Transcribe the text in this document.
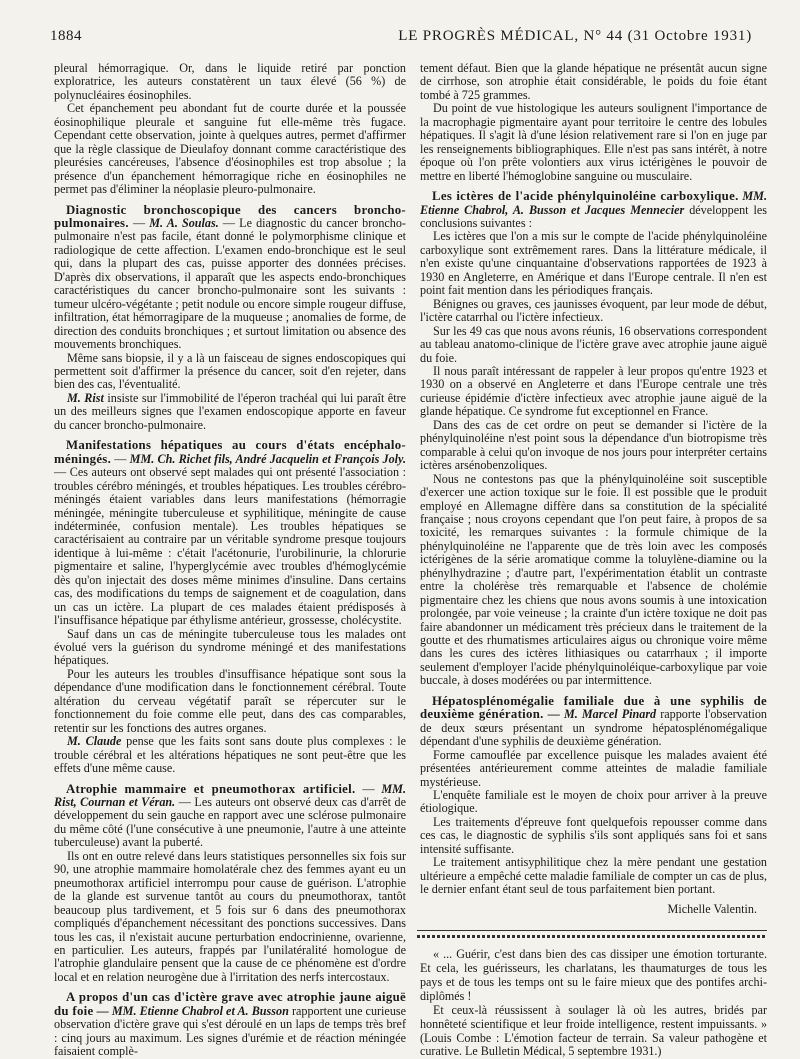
1884	LE PROGRÈS MÉDICAL, N° 44 (31 Octobre 1931)

pleural hémorragique. Or, dans le liquide retiré par ponction exploratrice, les auteurs constatèrent un taux élevé (56 %) de polynucléaires éosinophiles.

Cet épanchement peu abondant fut de courte durée et la poussée éosinophilique pleurale et sanguine fut elle-même très fugace. Cependant cette observation, jointe à quelques autres, permet d'affirmer que la règle classique de Dieulafoy donnant comme caractéristique des pleurésies cancéreuses, l'absence d'éosinophiles est trop absolue ; la présence d'un épanchement hémorragique riche en éosinophiles ne permet pas d'éliminer la néoplasie pleuro-pulmonaire.

Diagnostic bronchoscopique des cancers broncho-pulmonaires. — M. A. Soulas. — Le diagnostic du cancer broncho-pulmonaire n'est pas facile, étant donné le polymorphisme clinique et radiologique de cette affection. L'examen endo-bronchique est le seul qui, dans la plupart des cas, puisse apporter des données précises. D'après dix observations, il apparaît que les aspects endo-bronchiques caractéristiques du cancer broncho-pulmonaire sont les suivants : tumeur ulcéro-végétante ; petit nodule ou encore simple rougeur diffuse, infiltration, état hémorragipare de la muqueuse ; anomalies de forme, de direction des conduits bronchiques ; et surtout limitation ou absence des mouvements bronchiques.

Même sans biopsie, il y a là un faisceau de signes endoscopiques qui permettent soit d'affirmer la présence du cancer, soit d'en rejeter, dans bien des cas, l'éventualité.

M. Rist insiste sur l'immobilité de l'éperon trachéal qui lui paraît être un des meilleurs signes que l'examen endoscopique apporte en faveur du cancer broncho-pulmonaire.

Manifestations hépatiques au cours d'états encéphalo-méningés. — MM. Ch. Richet fils, André Jacquelin et François Joly. — Ces auteurs ont observé sept malades qui ont présenté l'association : troubles cérébro méningés, et troubles hépatiques. Les troubles cérébro-méningés étaient variables dans leurs manifestations (hémorragie méningée, méningite tuberculeuse et syphilitique, méningite de cause indéterminée, confusion mentale). Les troubles hépatiques se caractérisaient au contraire par un véritable syndrome presque toujours identique à lui-même : c'était l'acétonurie, l'urobilinurie, la chlorurie pigmentaire et saline, l'hyperglycémie avec troubles d'hémoglycémie dès qu'on injectait des doses même minimes d'insuline. Dans certains cas, des modifications du temps de saignement et de coagulation, dans un cas un ictère. La plupart de ces malades étaient prédisposés à l'insuffisance hépatique par éthylisme antérieur, grossesse, cholécystite.

Sauf dans un cas de méningite tuberculeuse tous les malades ont évolué vers la guérison du syndrome méningé et des manifestations hépatiques.

Pour les auteurs les troubles d'insuffisance hépatique sont sous la dépendance d'une modification dans le fonctionnement cérébral. Toute altération du cerveau végétatif paraît se répercuter sur le fonctionnement du foie comme elle peut, dans des cas comparables, retentir sur les fonctions des autres organes.

M. Claude pense que les faits sont sans doute plus complexes : le trouble cérébral et les altérations hépatiques ne sont peut-être que les effets d'une même cause.

Atrophie mammaire et pneumothorax artificiel. — MM. Rist, Cournan et Véran. — Les auteurs ont observé deux cas d'arrêt de développement du sein gauche en rapport avec une sclérose pulmonaire du même côté (l'une consécutive à une pneumonie, l'autre à une atteinte tuberculeuse) avant la puberté.

Ils ont en outre relevé dans leurs statistiques personnelles six fois sur 90, une atrophie mammaire homolatérale chez des femmes ayant eu un pneumothorax artificiel interrompu pour cause de guérison. L'atrophie de la glande est survenue tantôt au cours du pneumothorax, tantôt beaucoup plus tardivement, et 5 fois sur 6 dans des pneumothorax compliqués d'épanchement nécessitant des ponctions successives. Dans tous les cas, il n'existait aucune perturbation endocrinienne, ovarienne, en particulier. Les auteurs, frappés par l'unilatéralité homologue de l'atrophie glandulaire pensent que la cause de ce phénomène est d'ordre local et en relation neurogène due à l'irritation des nerfs intercostaux.

A propos d'un cas d'ictère grave avec atrophie jaune aiguë du foie — MM. Etienne Chabrol et A. Busson rapportent une curieuse observation d'ictère grave qui s'est déroulé en un laps de temps très bref : cinq jours au maximum. Les signes d'urémie et de réaction méningée faisaient complè-

tement défaut. Bien que la glande hépatique ne présentât aucun signe de cirrhose, son atrophie était considérable, le poids du foie étant tombé à 725 grammes.

Du point de vue histologique les auteurs soulignent l'importance de la macrophagie pigmentaire ayant pour territoire le centre des lobules hépatiques. Il s'agit là d'une lésion relativement rare si l'on en juge par les renseignements bibliographiques. Elle n'est pas sans intérêt, à notre époque où l'on prête volontiers aux virus ictérigènes le pouvoir de mettre en liberté l'hémoglobine sanguine ou musculaire.

Les ictères de l'acide phénylquinoléine carboxylique. MM. Etienne Chabrol, A. Busson et Jacques Mennecier développent les conclusions suivantes :

Les ictères que l'on a mis sur le compte de l'acide phénylquinoléine carboxylique sont extrêmement rares. Dans la littérature médicale, il n'en existe qu'une cinquantaine d'observations rapportées de 1923 à 1930 en Angleterre, en Amérique et dans l'Europe centrale. Il n'en est point fait mention dans les périodiques français.

Bénignes ou graves, ces jaunisses évoquent, par leur mode de début, l'ictère catarrhal ou l'ictère infectieux.

Sur les 49 cas que nous avons réunis, 16 observations correspondent au tableau anatomo-clinique de l'ictère grave avec atrophie jaune aiguë du foie.

Il nous paraît intéressant de rappeler à leur propos qu'entre 1923 et 1930 on a observé en Angleterre et dans l'Europe centrale une très curieuse épidémie d'ictère infectieux avec atrophie jaune aiguë de la glande hépatique. Ce syndrome fut exceptionnel en France.

Dans des cas de cet ordre on peut se demander si l'ictère de la phénylquinoléine n'est point sous la dépendance d'un biotropisme très comparable à celui qu'on invoque de nos jours pour interpréter certains ictères arsénobenzoliques.

Nous ne contestons pas que la phénylquinoléine soit susceptible d'exercer une action toxique sur le foie. Il est possible que le produit employé en Allemagne diffère dans sa constitution de la spécialité française ; nous croyons cependant que l'on peut faire, à propos de sa toxicité, les remarques suivantes : la formule chimique de la phénylquinoléine ne l'apparente que de très loin avec les composés ictérigènes de la série aromatique comme la toluylène-diamine ou la phénylhydrazine ; d'autre part, l'expérimentation établit un contraste entre la cholérèse très remarquable et l'absence de cholémie pigmentaire chez les chiens que nous avons soumis à une intoxication prolongée, par voie veineuse ; la crainte d'un ictère toxique ne doit pas faire abandonner un médicament très précieux dans le traitement de la goutte et des rhumatismes articulaires aigus ou chronique voire même dans les cures des ictères lithiasiques ou catarrhaux ; il importe seulement d'employer l'acide phénylquinoléique-carboxylique par voie buccale, à doses modérées ou par intermittence.

Hépatosplénomégalie familiale due à une syphilis de deuxième génération. — M. Marcel Pinard rapporte l'observation de deux sœurs présentant un syndrome hépatosplénomégalique dépendant d'une syphilis de deuxième génération.

Forme camouflée par excellence puisque les malades avaient été présentées antérieurement comme atteintes de maladie familiale mystérieuse.

L'enquête familiale est le moyen de choix pour arriver à la preuve étiologique.

Les traitements d'épreuve font quelquefois repousser comme dans ces cas, le diagnostic de syphilis s'ils sont appliqués sans foi et sans intensité suffisante.

Le traitement antisyphilitique chez la mère pendant une gestation ultérieure a empêché cette maladie familiale de compter un cas de plus, le dernier enfant étant seul de tous parfaitement bien portant.

Michelle Valentin.

« ... Guérir, c'est dans bien des cas dissiper une émotion torturante. Et cela, les guérisseurs, les charlatans, les thaumaturges de tous les pays et de tous les temps ont su le faire mieux que des pontifes archi-diplômés !

Et ceux-là réussissent à soulager là où les autres, bridés par honnêteté scientifique et leur froide intelligence, restent impuissants. » (Louis Combe : L'émotion facteur de terrain. Sa valeur pathogène et curative. Le Bulletin Médical, 5 septembre 1931.)
